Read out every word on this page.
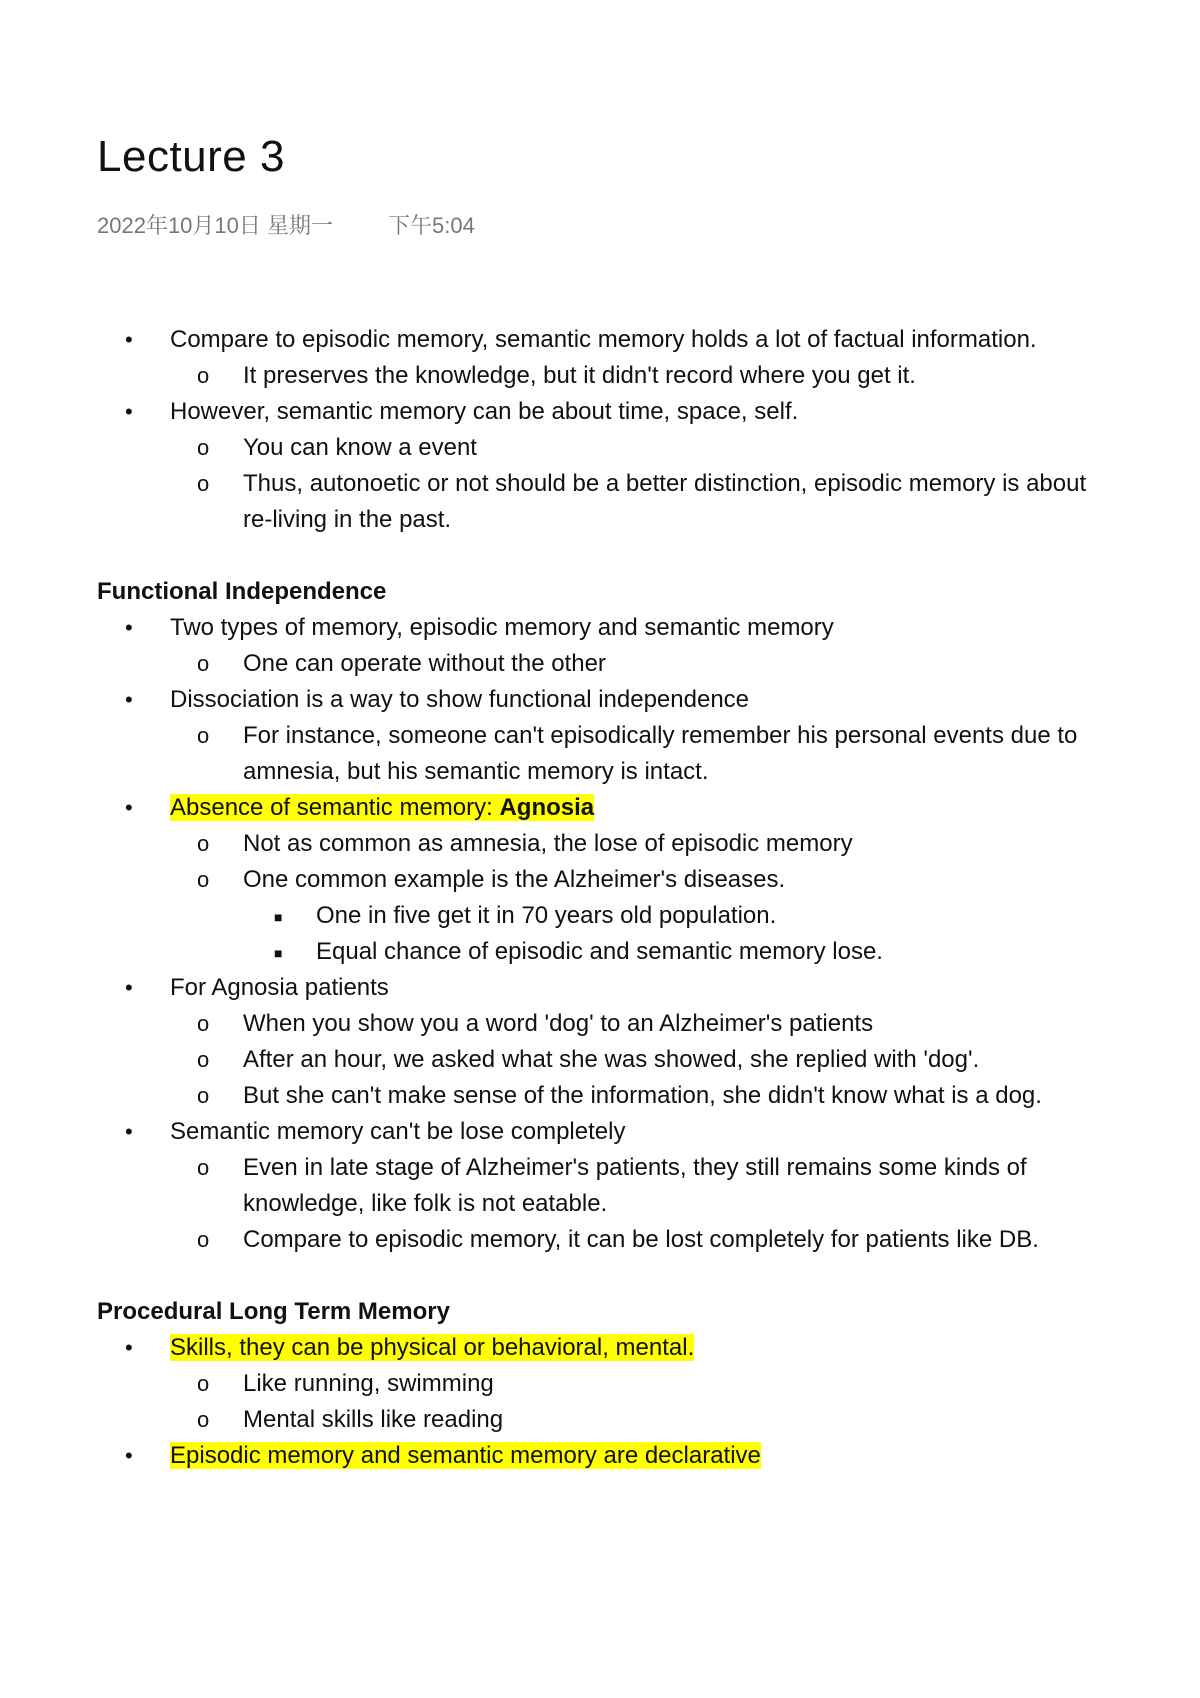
Lecture 3
2022年10月10日 星期一	下午5:04
• Compare to episodic memory, semantic memory holds a lot of factual information.
o It preserves the knowledge, but it didn't record where you get it.
• However, semantic memory can be about time, space, self.
o You can know a event
o Thus, autonoetic or not should be a better distinction, episodic memory is about re-living in the past.
Functional Independence
• Two types of memory, episodic memory and semantic memory
o One can operate without the other
• Dissociation is a way to show functional independence
o For instance, someone can't episodically remember his personal events due to amnesia, but his semantic memory is intact.
• Absence of semantic memory: Agnosia
o Not as common as amnesia, the lose of episodic memory
o One common example is the Alzheimer's diseases.
■ One in five get it in 70 years old population.
■ Equal chance of episodic and semantic memory lose.
• For Agnosia patients
o When you show you a word 'dog' to an Alzheimer's patients
o After an hour, we asked what she was showed, she replied with 'dog'.
o But she can't make sense of the information, she didn't know what is a dog.
• Semantic memory can't be lose completely
o Even in late stage of Alzheimer's patients, they still remains some kinds of knowledge, like folk is not eatable.
o Compare to episodic memory, it can be lost completely for patients like DB.
Procedural Long Term Memory
• Skills, they can be physical or behavioral, mental.
o Like running, swimming
o Mental skills like reading
• Episodic memory and semantic memory are declarative
